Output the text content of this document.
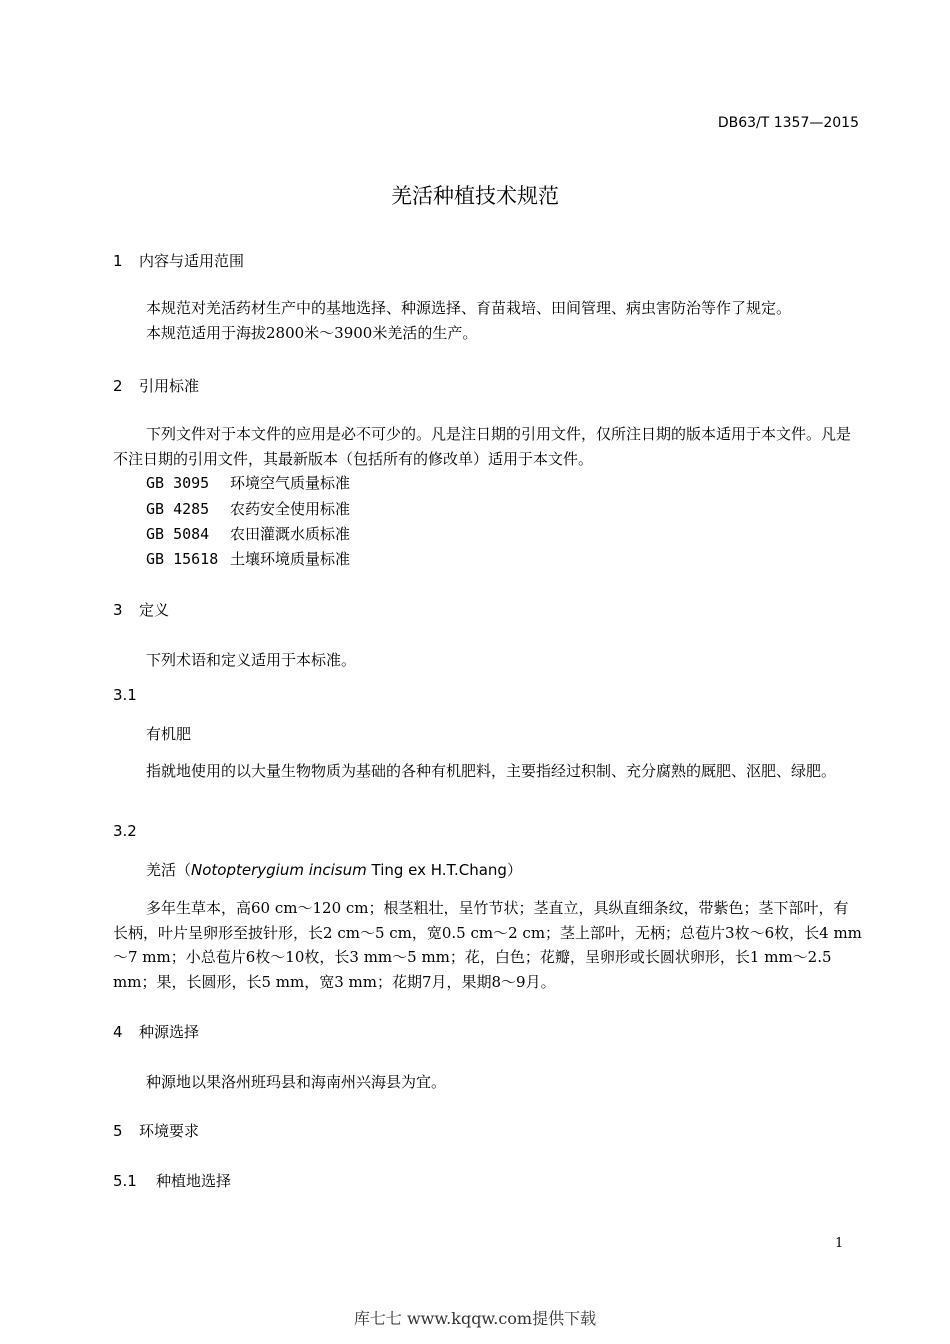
DB63/T 1357—2015
羌活种植技术规范
1 内容与适用范围

本规范对羌活药材生产中的基地选择、种源选择、育苗栽培、田间管理、病虫害防治等作了规定。

本规范适用于海拔2800米～3900米羌活的生产。

2 引用标准

下列文件对于本文件的应用是必不可少的。凡是注日期的引用文件，仅所注日期的版本适用于本文件。凡是不注日期的引用文件，其最新版本（包括所有的修改单）适用于本文件。

GB 3095 环境空气质量标准
GB 4285 农药安全使用标准
GB 5084 农田灌溉水质标准
GB 15618 土壤环境质量标准
3 定义
下列术语和定义适用于本标准。
3.1
有机肥

指就地使用的以大量生物物质为基础的各种有机肥料，主要指经过积制、充分腐熟的厩肥、沤肥、绿肥。

3.2
羌活（Notopterygium incisum Ting ex H.T.Chang）

多年生草本，高60 cm～120 cm；根茎粗壮，呈竹节状；茎直立，具纵直细条纹，带紫色；茎下部叶，有长柄，叶片呈卵形至披针形，长2 cm～5 cm，宽0.5 cm～2 cm；茎上部叶，无柄；总苞片3枚～6枚，长4 mm～7 mm；小总苞片6枚～10枚，长3 mm～5 mm；花，白色；花瓣，呈卵形或长圆状卵形，长1 mm～2.5 mm；果，长圆形，长5 mm，宽3 mm；花期7月，果期8～9月。

4 种源选择
种源地以果洛州班玛县和海南州兴海县为宜。
5 环境要求
5.1 种植地选择
1
库七七 www.kqqw.com提供下载
